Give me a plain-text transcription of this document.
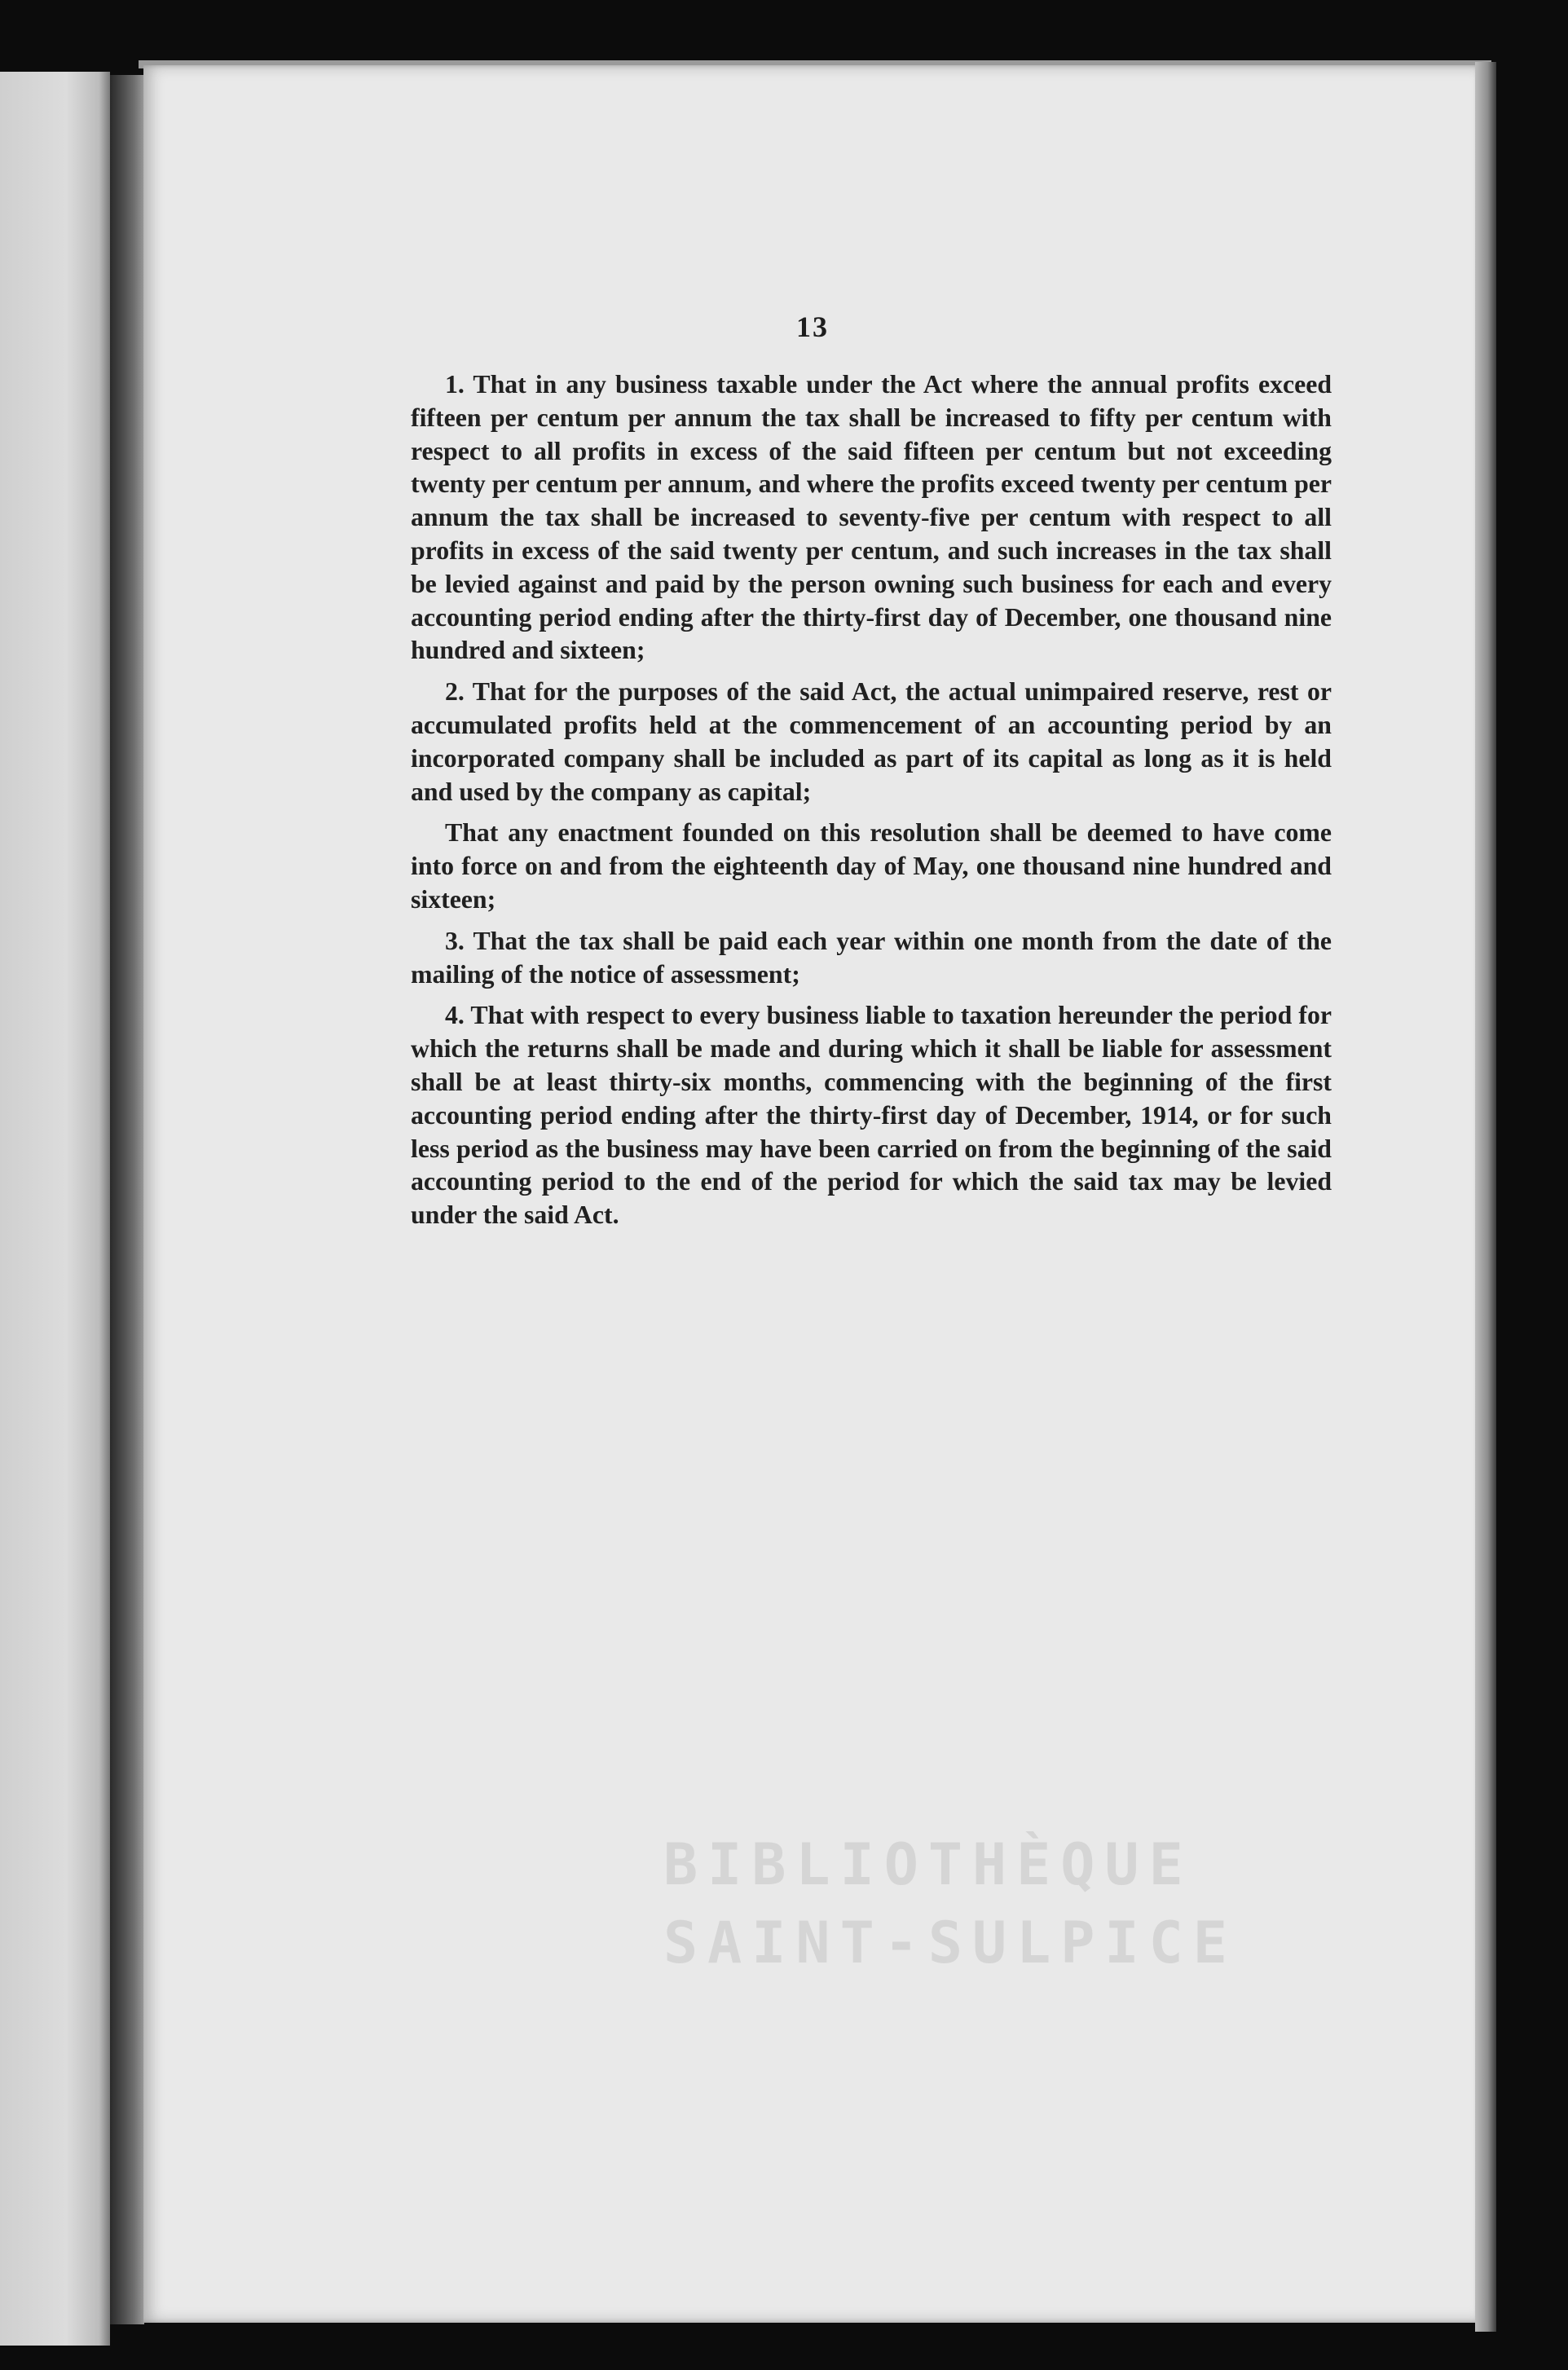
13

1. That in any business taxable under the Act where the annual profits exceed fifteen per centum per annum the tax shall be increased to fifty per centum with respect to all profits in excess of the said fifteen per centum but not exceeding twenty per centum per annum, and where the profits exceed twenty per centum per annum the tax shall be increased to seventy-five per centum with respect to all profits in excess of the said twenty per centum, and such increases in the tax shall be levied against and paid by the person owning such business for each and every accounting period ending after the thirty-first day of December, one thousand nine hundred and sixteen;

2. That for the purposes of the said Act, the actual unimpaired reserve, rest or accumulated profits held at the commencement of an accounting period by an incorporated company shall be included as part of its capital as long as it is held and used by the company as capital;

That any enactment founded on this resolution shall be deemed to have come into force on and from the eighteenth day of May, one thousand nine hundred and sixteen;

3. That the tax shall be paid each year within one month from the date of the mailing of the notice of assessment;

4. That with respect to every business liable to taxation hereunder the period for which the returns shall be made and during which it shall be liable for assessment shall be at least thirty-six months, commencing with the beginning of the first accounting period ending after the thirty-first day of December, 1914, or for such less period as the business may have been carried on from the beginning of the said accounting period to the end of the period for which the said tax may be levied under the said Act.

BIBLIOTHÈQUE
SAINT-SULPICE
